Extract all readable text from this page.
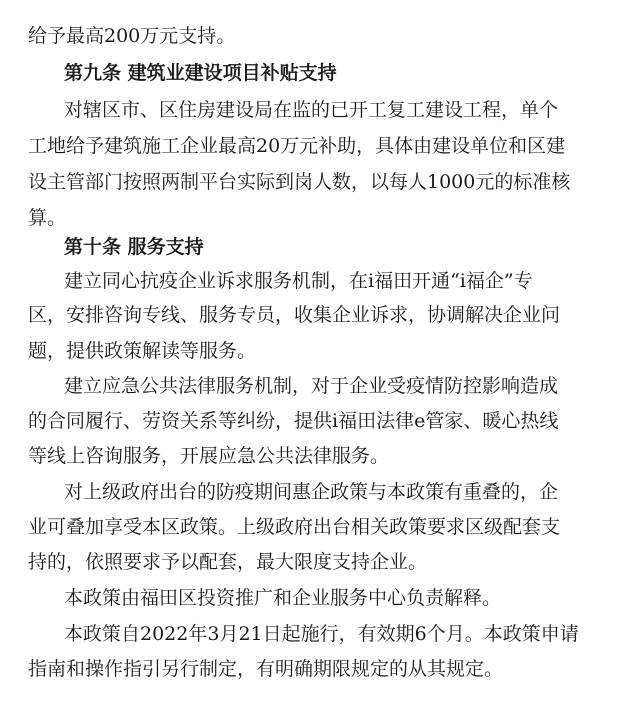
给予最高200万元支持。
第九条 建筑业建设项目补贴支持
对辖区市、区住房建设局在监的已开工复工建设工程，单个
工地给予建筑施工企业最高20万元补助，具体由建设单位和区建
设主管部门按照两制平台实际到岗人数，以每人1000元的标准核
算。
第十条 服务支持
建立同心抗疫企业诉求服务机制，在i福田开通“i福企”专
区，安排咨询专线、服务专员，收集企业诉求，协调解决企业问
题，提供政策解读等服务。
建立应急公共法律服务机制，对于企业受疫情防控影响造成
的合同履行、劳资关系等纠纷，提供i福田法律e管家、暖心热线
等线上咨询服务，开展应急公共法律服务。
对上级政府出台的防疫期间惠企政策与本政策有重叠的，企
业可叠加享受本区政策。上级政府出台相关政策要求区级配套支
持的，依照要求予以配套，最大限度支持企业。
本政策由福田区投资推广和企业服务中心负责解释。
本政策自2022年3月21日起施行，有效期6个月。本政策申请
指南和操作指引另行制定，有明确期限规定的从其规定。
